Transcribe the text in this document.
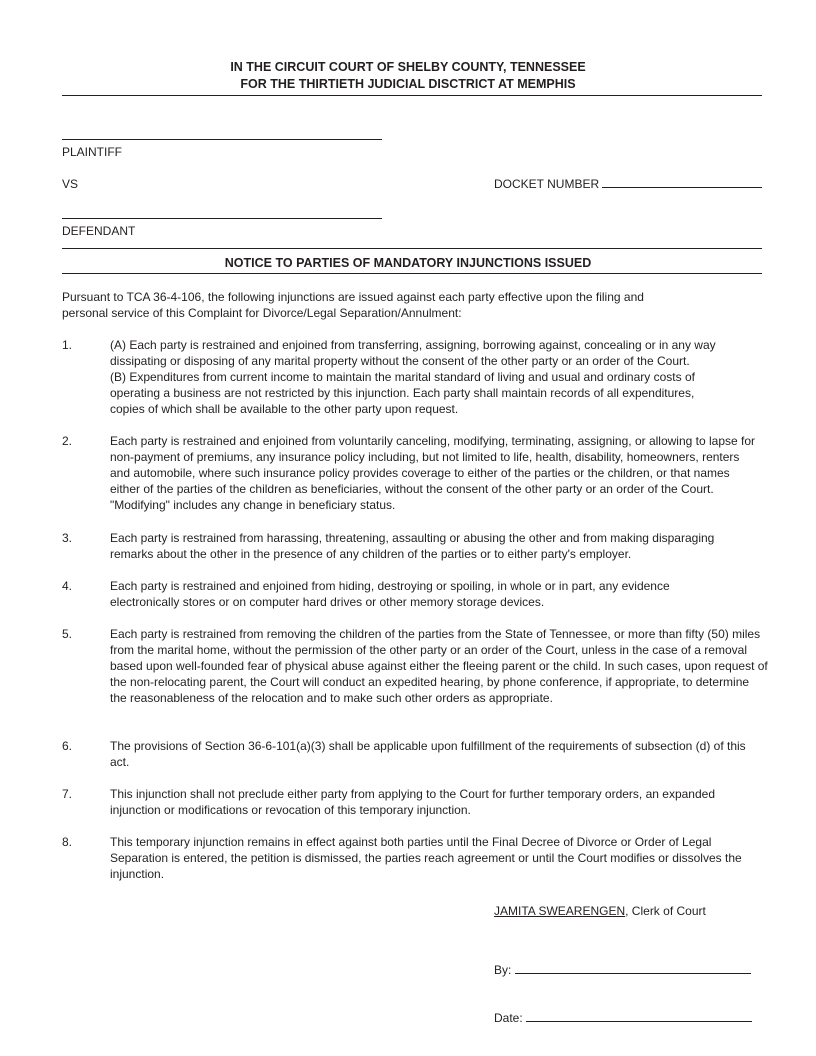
IN THE CIRCUIT COURT OF SHELBY COUNTY, TENNESSEE
FOR THE THIRTIETH JUDICIAL DISCTRICT AT MEMPHIS
PLAINTIFF
VS	DOCKET NUMBER
DEFENDANT
NOTICE TO PARTIES OF MANDATORY INJUNCTIONS ISSUED
Pursuant to TCA 36-4-106, the following injunctions are issued against each party effective upon the filing and personal service of this Complaint for Divorce/Legal Separation/Annulment:
1.	(A) Each party is restrained and enjoined from transferring, assigning, borrowing against, concealing or in any way dissipating or disposing of any marital property without the consent of the other party or an order of the Court.
(B) Expenditures from current income to maintain the marital standard of living and usual and ordinary costs of operating a business are not restricted by this injunction. Each party shall maintain records of all expenditures, copies of which shall be available to the other party upon request.
2.	Each party is restrained and enjoined from voluntarily canceling, modifying, terminating, assigning, or allowing to lapse for non-payment of premiums, any insurance policy including, but not limited to life, health, disability, homeowners, renters and automobile, where such insurance policy provides coverage to either of the parties or the children, or that names either of the parties of the children as beneficiaries, without the consent of the other party or an order of the Court. "Modifying" includes any change in beneficiary status.
3.	Each party is restrained from harassing, threatening, assaulting or abusing the other and from making disparaging remarks about the other in the presence of any children of the parties or to either party's employer.
4.	Each party is restrained and enjoined from hiding, destroying or spoiling, in whole or in part, any evidence electronically stores or on computer hard drives or other memory storage devices.
5.	Each party is restrained from removing the children of the parties from the State of Tennessee, or more than fifty (50) miles from the marital home, without the permission of the other party or an order of the Court, unless in the case of a removal based upon well-founded fear of physical abuse against either the fleeing parent or the child. In such cases, upon request of the non-relocating parent, the Court will conduct an expedited hearing, by phone conference, if appropriate, to determine the reasonableness of the relocation and to make such other orders as appropriate.
6.	The provisions of Section 36-6-101(a)(3) shall be applicable upon fulfillment of the requirements of subsection (d) of this act.
7.	This injunction shall not preclude either party from applying to the Court for further temporary orders, an expanded injunction or modifications or revocation of this temporary injunction.
8.	This temporary injunction remains in effect against both parties until the Final Decree of Divorce or Order of Legal Separation is entered, the petition is dismissed, the parties reach agreement or until the Court modifies or dissolves the injunction.
JAMITA SWEARENGEN, Clerk of Court
By:
Date:
